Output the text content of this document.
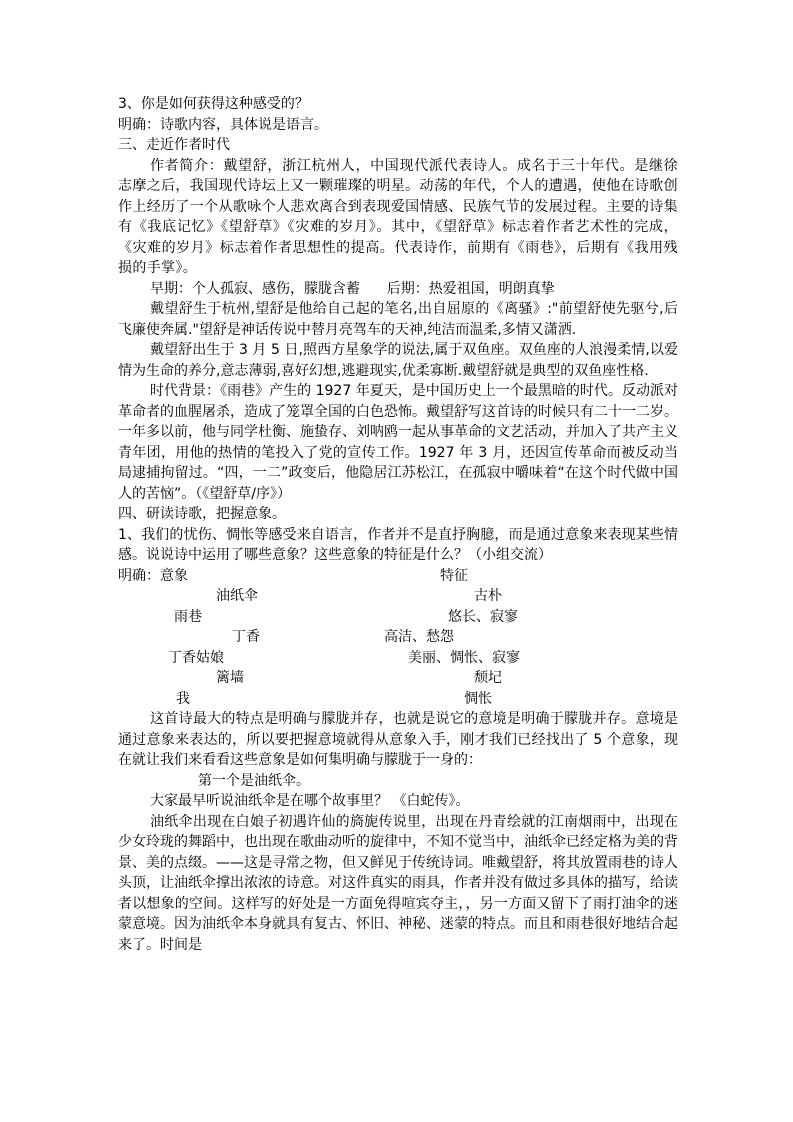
3、你是如何获得这种感受的？
明确：诗歌内容，具体说是语言。
三、走近作者时代

作者简介：戴望舒，浙江杭州人，中国现代派代表诗人。成名于三十年代。是继徐志摩之后，我国现代诗坛上又一颗璀璨的明星。动荡的年代，个人的遭遇，使他在诗歌创作上经历了一个从歌咏个人悲欢离合到表现爱国情感、民族气节的发展过程。主要的诗集有《我底记忆》《望舒草》《灾难的岁月》。其中，《望舒草》标志着作者艺术性的完成，《灾难的岁月》标志着作者思想性的提高。代表诗作，前期有《雨巷》，后期有《我用残损的手掌》。

早期：个人孤寂、感伤，朦胧含蓄      后期：热爱祖国，明朗真挚

戴望舒生于杭州,望舒是他给自己起的笔名,出自屈原的《离骚》:"前望舒使先驱兮,后飞廉使奔属."望舒是神话传说中替月亮驾车的天神,纯洁而温柔,多情又潇洒.

戴望舒出生于 3 月 5 日,照西方星象学的说法,属于双鱼座。双鱼座的人浪漫柔情,以爱情为生命的养分,意志薄弱,喜好幻想,逃避现实,优柔寡断.戴望舒就是典型的双鱼座性格.

时代背景：《雨巷》产生的 1927 年夏天，是中国历史上一个最黑暗的时代。反动派对革命者的血腥屠杀，造成了笼罩全国的白色恐怖。戴望舒写这首诗的时候只有二十一二岁。一年多以前，他与同学杜衡、施蛰存、刘呐鸥一起从事革命的文艺活动，并加入了共产主义青年团，用他的热情的笔投入了党的宣传工作。1927 年 3 月，还因宣传革命而被反动当局逮捕拘留过。“四，一二”政变后，他隐居江苏松江，在孤寂中嚼味着“在这个时代做中国人的苦恼”。（《望舒草/序》）

四、研读诗歌，把握意象。

1、我们的忧伤、惆怅等感受来自语言，作者并不是直抒胸臆，而是通过意象来表现某些情感。说说诗中运用了哪些意象？这些意象的特征是什么？（小组交流）

明确：意象	特征
油纸伞	古朴
雨巷	悠长、寂寥
丁香	高洁、愁怨
丁香姑娘	美丽、惆怅、寂寥
篱墙	颓圮
我	惆怅

这首诗最大的特点是明确与朦胧并存，也就是说它的意境是明确于朦胧并存。意境是通过意象来表达的，所以要把握意境就得从意象入手，刚才我们已经找出了 5 个意象，现在就让我们来看看这些意象是如何集明确与朦胧于一身的：

第一个是油纸伞。
大家最早听说油纸伞是在哪个故事里？ 《白蛇传》。

油纸伞出现在白娘子初遇许仙的旖旎传说里，出现在丹青绘就的江南烟雨中，出现在少女玲珑的舞蹈中，也出现在歌曲动听的旋律中，不知不觉当中，油纸伞已经定格为美的背景、美的点缀。——这是寻常之物，但又鲜见于传统诗词。唯戴望舒，将其放置雨巷的诗人头顶，让油纸伞撑出浓浓的诗意。对这件真实的雨具，作者并没有做过多具体的描写，给读者以想象的空间。这样写的好处是一方面免得喧宾夺主，，另一方面又留下了雨打油伞的迷蒙意境。因为油纸伞本身就具有复古、怀旧、神秘、迷蒙的特点。而且和雨巷很好地结合起来了。时间是
